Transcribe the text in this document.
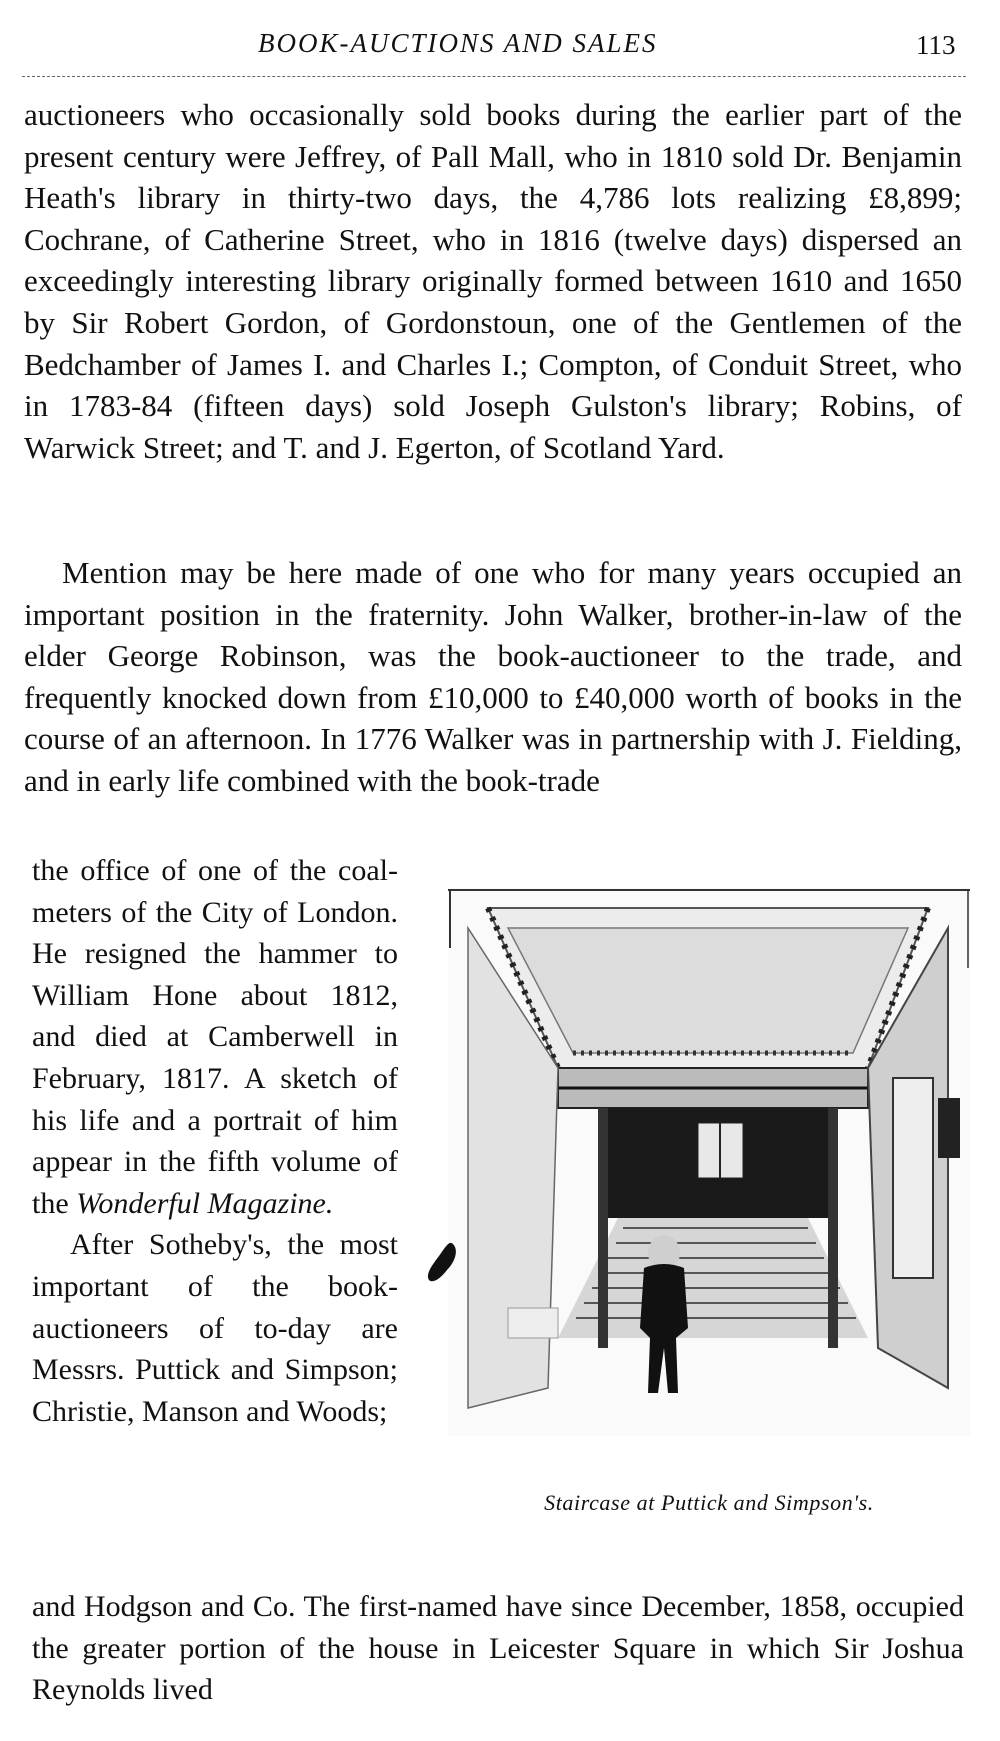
BOOK-AUCTIONS AND SALES	113

auctioneers who occasionally sold books during the earlier part of the present century were Jeffrey, of Pall Mall, who in 1810 sold Dr. Benjamin Heath's library in thirty-two days, the 4,786 lots realizing £8,899; Cochrane, of Catherine Street, who in 1816 (twelve days) dispersed an exceedingly interesting library originally formed between 1610 and 1650 by Sir Robert Gordon, of Gordonstoun, one of the Gentlemen of the Bedchamber of James I. and Charles I.; Compton, of Conduit Street, who in 1783-84 (fifteen days) sold Joseph Gulston's library; Robins, of Warwick Street; and T. and J. Egerton, of Scotland Yard.

Mention may be here made of one who for many years occupied an important position in the fraternity. John Walker, brother-in-law of the elder George Robinson, was the book-auctioneer to the trade, and frequently knocked down from £10,000 to £40,000 worth of books in the course of an afternoon. In 1776 Walker was in partnership with J. Fielding, and in early life combined with the book-trade

the office of one of the coal-meters of the City of London. He resigned the hammer to William Hone about 1812, and died at Camberwell in February, 1817. A sketch of his life and a portrait of him appear in the fifth volume of the Wonderful Magazine.

After Sotheby's, the most important of the book-auctioneers of to-day are Messrs. Puttick and Simpson; Christie, Manson and Woods;

and Hodgson and Co. The first-named have since December, 1858, occupied the greater portion of the house in Leicester Square in which Sir Joshua Reynolds lived

Staircase at Puttick and Simpson's.
